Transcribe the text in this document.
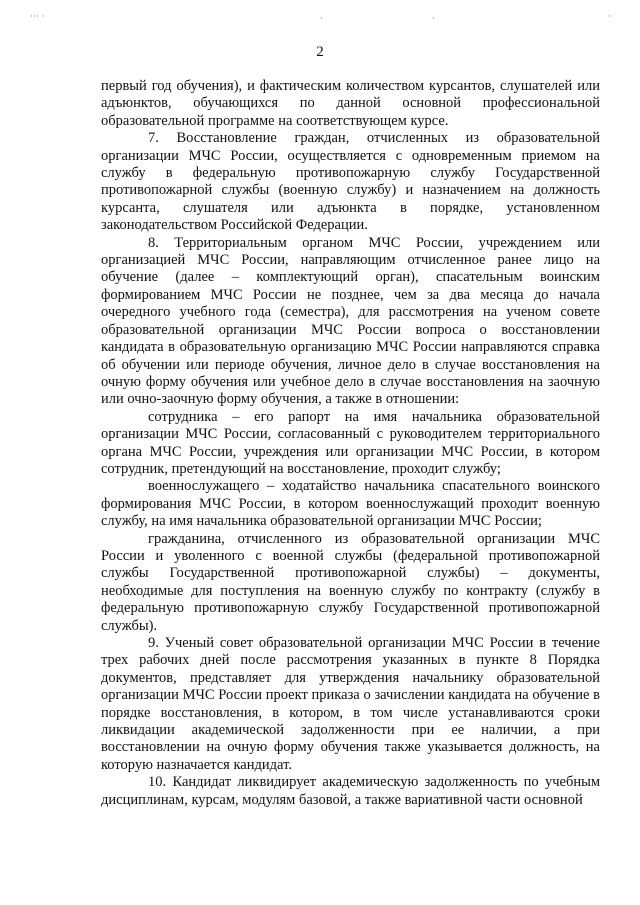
··· ·	·	·	·
2

первый год обучения), и фактическим количеством курсантов, слушателей или адъюнктов, обучающихся по данной основной профессиональной образовательной программе на соответствующем курсе.

7. Восстановление граждан, отчисленных из образовательной организации МЧС России, осуществляется с одновременным приемом на службу в федеральную противопожарную службу Государственной противопожарной службы (военную службу) и назначением на должность курсанта, слушателя или адъюнкта в порядке, установленном законодательством Российской Федерации.

8. Территориальным органом МЧС России, учреждением или организацией МЧС России, направляющим отчисленное ранее лицо на обучение (далее – комплектующий орган), спасательным воинским формированием МЧС России не позднее, чем за два месяца до начала очередного учебного года (семестра), для рассмотрения на ученом совете образовательной организации МЧС России вопроса о восстановлении кандидата в образовательную организацию МЧС России направляются справка об обучении или периоде обучения, личное дело в случае восстановления на очную форму обучения или учебное дело в случае восстановления на заочную или очно-заочную форму обучения, а также в отношении:

сотрудника – его рапорт на имя начальника образовательной организации МЧС России, согласованный с руководителем территориального органа МЧС России, учреждения или организации МЧС России, в котором сотрудник, претендующий на восстановление, проходит службу;

военнослужащего – ходатайство начальника спасательного воинского формирования МЧС России, в котором военнослужащий проходит военную службу, на имя начальника образовательной организации МЧС России;

гражданина, отчисленного из образовательной организации МЧС России и уволенного с военной службы (федеральной противопожарной службы Государственной противопожарной службы) – документы, необходимые для поступления на военную службу по контракту (службу в федеральную противопожарную службу Государственной противопожарной службы).

9. Ученый совет образовательной организации МЧС России в течение трех рабочих дней после рассмотрения указанных в пункте 8 Порядка документов, представляет для утверждения начальнику образовательной организации МЧС России проект приказа о зачислении кандидата на обучение в порядке восстановления, в котором, в том числе устанавливаются сроки ликвидации академической задолженности при ее наличии, а при восстановлении на очную форму обучения также указывается должность, на которую назначается кандидат.

10. Кандидат ликвидирует академическую задолженность по учебным дисциплинам, курсам, модулям базовой, а также вариативной части основной
